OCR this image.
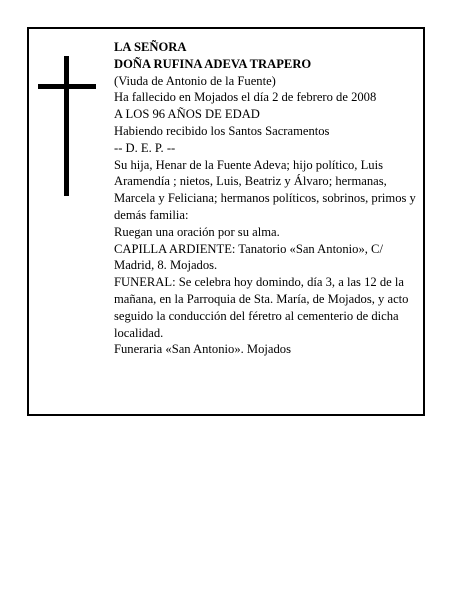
LA SEÑORA

DOÑA RUFINA ADEVA TRAPERO

(Viuda de Antonio de la Fuente)

Ha fallecido en Mojados el día 2 de febrero de 2008

A LOS 96 AÑOS DE EDAD

Habiendo recibido los Santos Sacramentos

-- D. E. P. --

Su hija, Henar de la Fuente Adeva; hijo político, Luis Aramendía ; nietos, Luis, Beatriz y Álvaro; hermanas, Marcela y Feliciana; hermanos políticos, sobrinos, primos y demás familia:

Ruegan una oración por su alma.

CAPILLA ARDIENTE: Tanatorio «San Antonio», C/ Madrid, 8. Mojados.

FUNERAL: Se celebra hoy domindo, día 3, a las 12 de la mañana, en la Parroquia de Sta. María, de Mojados, y acto seguido la conducción del féretro al cementerio de dicha localidad.

Funeraria «San Antonio». Mojados
